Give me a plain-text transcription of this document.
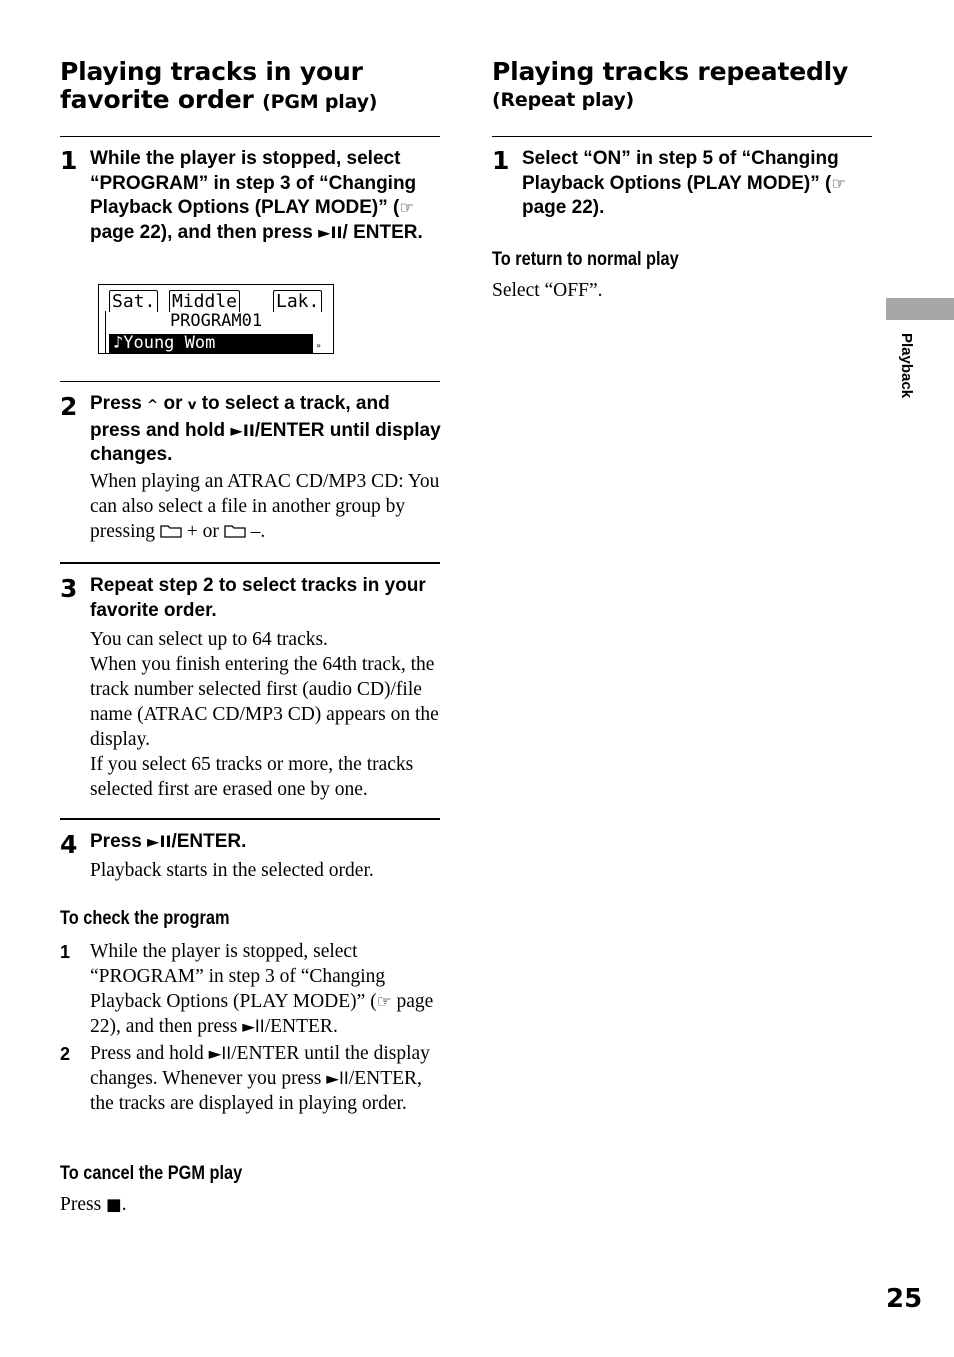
Playing tracks in your
favorite order (PGM play)
1 While the player is stopped, select “PROGRAM” in step 3 of “Changing Playback Options (PLAY MODE)” (☞ page 22), and then press ►II/ ENTER.
Sat. Middle Lak.
PROGRAM01
♪Young Wom	»
2 Press ^ or v to select a track, and press and hold ►II/ENTER until display changes.
When playing an ATRAC CD/MP3 CD: You can also select a file in another group by pressing  + or  –.
3 Repeat step 2 to select tracks in your favorite order.
You can select up to 64 tracks.
When you finish entering the 64th track, the track number selected first (audio CD)/file name (ATRAC CD/MP3 CD) appears on the display.
If you select 65 tracks or more, the tracks selected first are erased one by one.
4 Press ►II/ENTER.
Playback starts in the selected order.
To check the program
1 While the player is stopped, select “PROGRAM” in step 3 of “Changing Playback Options (PLAY MODE)” (☞ page 22), and then press ►II/ENTER.
2 Press and hold ►II/ENTER until the display changes. Whenever you press ►II/ENTER, the tracks are displayed in playing order.
To cancel the PGM play
Press ■.
Playing tracks repeatedly
(Repeat play)
1 Select “ON” in step 5 of “Changing Playback Options (PLAY MODE)” (☞ page 22).
To return to normal play
Select “OFF”.
Playback
25
